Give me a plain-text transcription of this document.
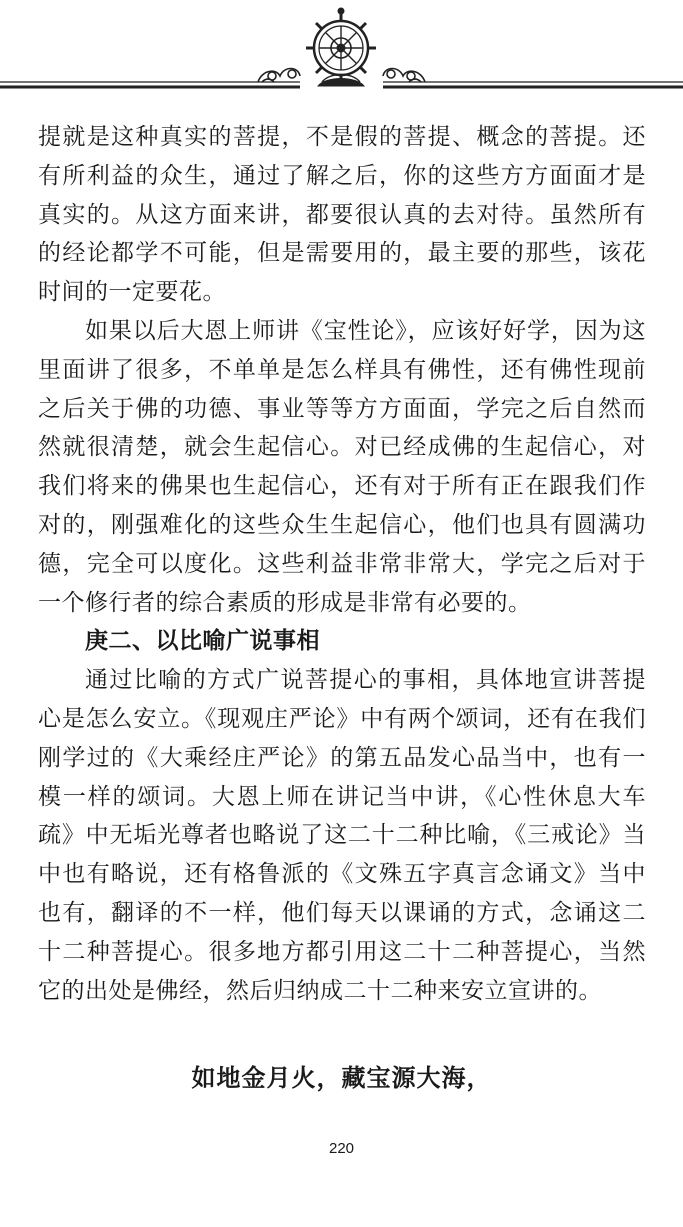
提就是这种真实的菩提，不是假的菩提、概念的菩提。还有所利益的众生，通过了解之后，你的这些方方面面才是真实的。从这方面来讲，都要很认真的去对待。虽然所有的经论都学不可能，但是需要用的，最主要的那些，该花时间的一定要花。

如果以后大恩上师讲《宝性论》，应该好好学，因为这里面讲了很多，不单单是怎么样具有佛性，还有佛性现前之后关于佛的功德、事业等等方方面面，学完之后自然而然就很清楚，就会生起信心。对已经成佛的生起信心，对我们将来的佛果也生起信心，还有对于所有正在跟我们作对的，刚强难化的这些众生生起信心，他们也具有圆满功德，完全可以度化。这些利益非常非常大，学完之后对于一个修行者的综合素质的形成是非常有必要的。

庚二、以比喻广说事相

通过比喻的方式广说菩提心的事相，具体地宣讲菩提心是怎么安立。《现观庄严论》中有两个颂词，还有在我们刚学过的《大乘经庄严论》的第五品发心品当中，也有一模一样的颂词。大恩上师在讲记当中讲，《心性休息大车疏》中无垢光尊者也略说了这二十二种比喻，《三戒论》当中也有略说，还有格鲁派的《文殊五字真言念诵文》当中也有，翻译的不一样，他们每天以课诵的方式，念诵这二十二种菩提心。很多地方都引用这二十二种菩提心，当然它的出处是佛经，然后归纳成二十二种来安立宣讲的。

如地金月火，藏宝源大海，
220
